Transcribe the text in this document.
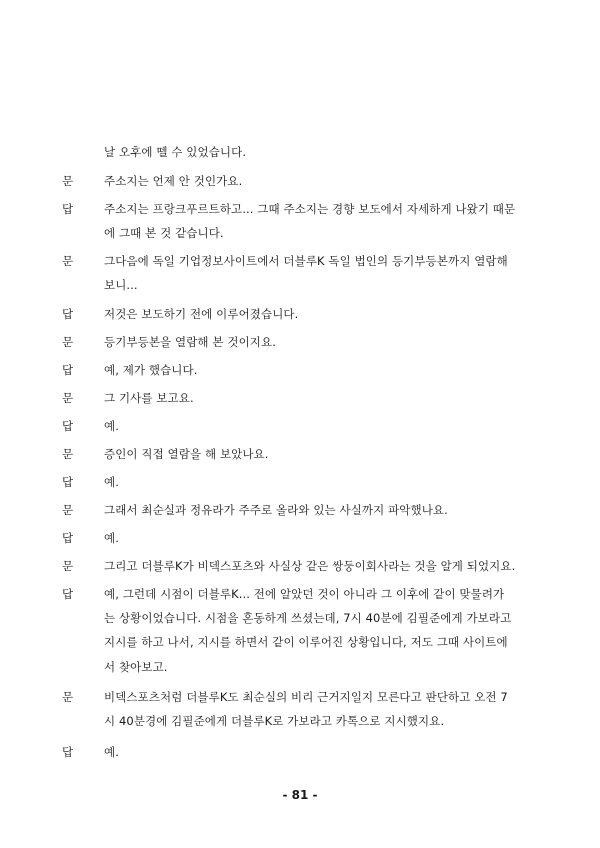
날 오후에 뗄 수 있었습니다.
문	주소지는 언제 안 것인가요.
답	주소지는 프랑크푸르트하고... 그때 주소지는 경향 보도에서 자세하게 나왔기 때문
에 그때 본 것 같습니다.
문	그다음에 독일 기업정보사이트에서 더블루K 독일 법인의 등기부등본까지 열람해
보니...
답	저것은 보도하기 전에 이루어졌습니다.
문	등기부등본을 열람해 본 것이지요.
답	예, 제가 했습니다.
문	그 기사를 보고요.
답	예.
문	증인이 직접 열람을 해 보았나요.
답	예.
문	그래서 최순실과 정유라가 주주로 올라와 있는 사실까지 파악했나요.
답	예.
문	그리고 더블루K가 비덱스포츠와 사실상 같은 쌍둥이회사라는 것을 알게 되었지요.
답	예, 그런데 시점이 더블루K... 전에 알았던 것이 아니라 그 이후에 같이 맞물려가
는 상황이었습니다. 시점을 혼동하게 쓰셨는데, 7시 40분에 김필준에게 가보라고
지시를 하고 나서, 지시를 하면서 같이 이루어진 상황입니다, 저도 그때 사이트에
서 찾아보고.
문	비덱스포츠처럼 더블루K도 최순실의 비리 근거지일지 모른다고 판단하고 오전 7
시 40분경에 김필준에게 더블루K로 가보라고 카톡으로 지시했지요.
답	예.
- 81 -
